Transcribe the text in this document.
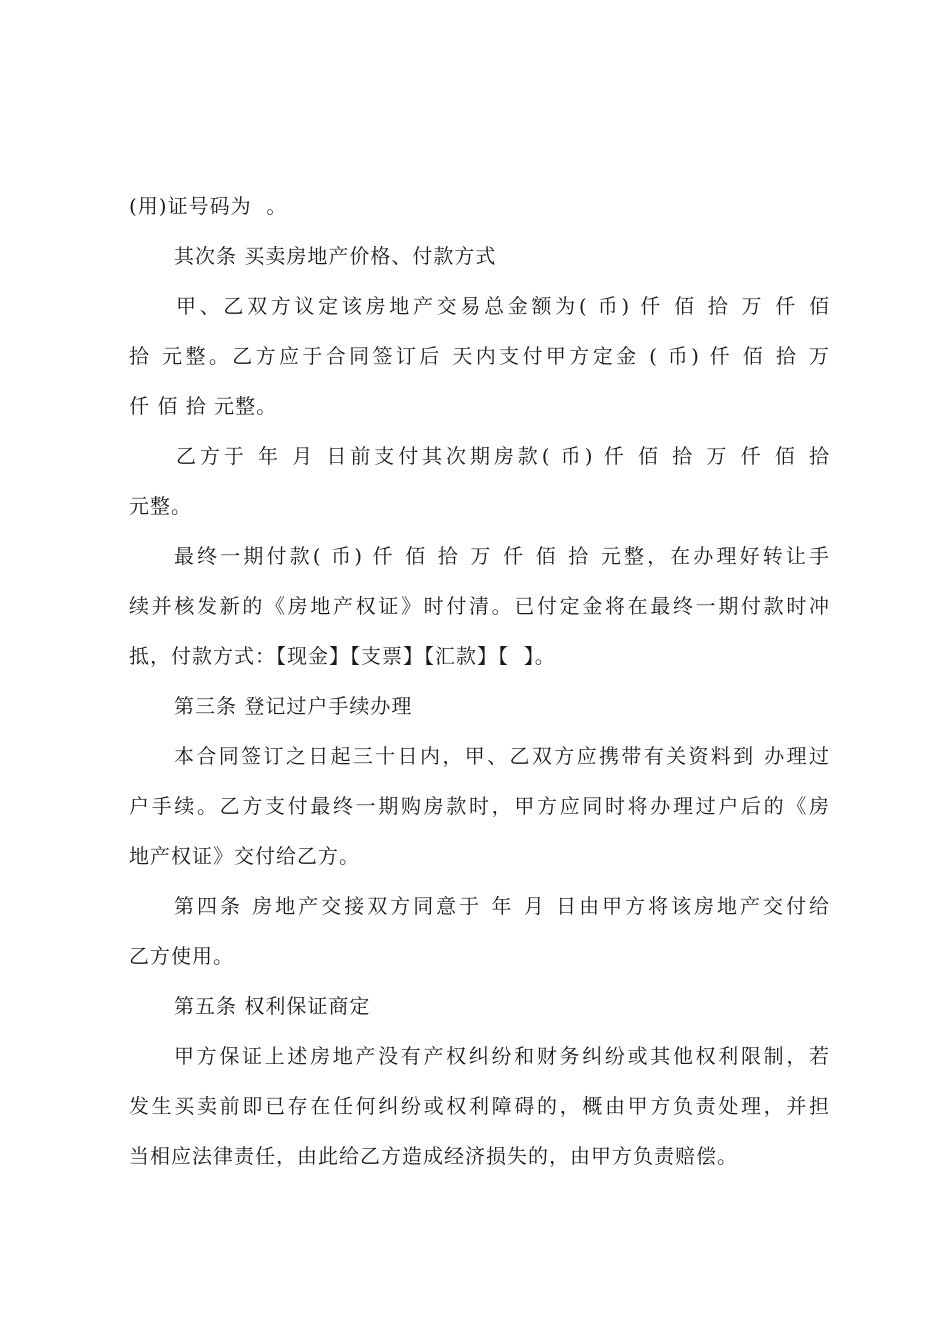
(用)证号码为  。
其次条 买卖房地产价格、付款方式
甲、乙双方议定该房地产交易总金额为( 币) 仟 佰 拾 万 仟 佰
拾 元整。乙方应于合同签订后 天内支付甲方定金 ( 币) 仟 佰 拾 万
仟 佰 拾 元整。
乙方于 年 月 日前支付其次期房款( 币) 仟 佰 拾 万 仟 佰 拾
元整。
最终一期付款( 币) 仟 佰 拾 万 仟 佰 拾 元整，在办理好转让手
续并核发新的《房地产权证》时付清。已付定金将在最终一期付款时冲
抵，付款方式：【现金】【支票】【汇款】【  】。
第三条 登记过户手续办理
本合同签订之日起三十日内，甲、乙双方应携带有关资料到 办理过
户手续。乙方支付最终一期购房款时，甲方应同时将办理过户后的《房
地产权证》交付给乙方。
第四条 房地产交接双方同意于 年 月 日由甲方将该房地产交付给
乙方使用。
第五条 权利保证商定
甲方保证上述房地产没有产权纠纷和财务纠纷或其他权利限制，若
发生买卖前即已存在任何纠纷或权利障碍的，概由甲方负责处理，并担
当相应法律责任，由此给乙方造成经济损失的，由甲方负责赔偿。
